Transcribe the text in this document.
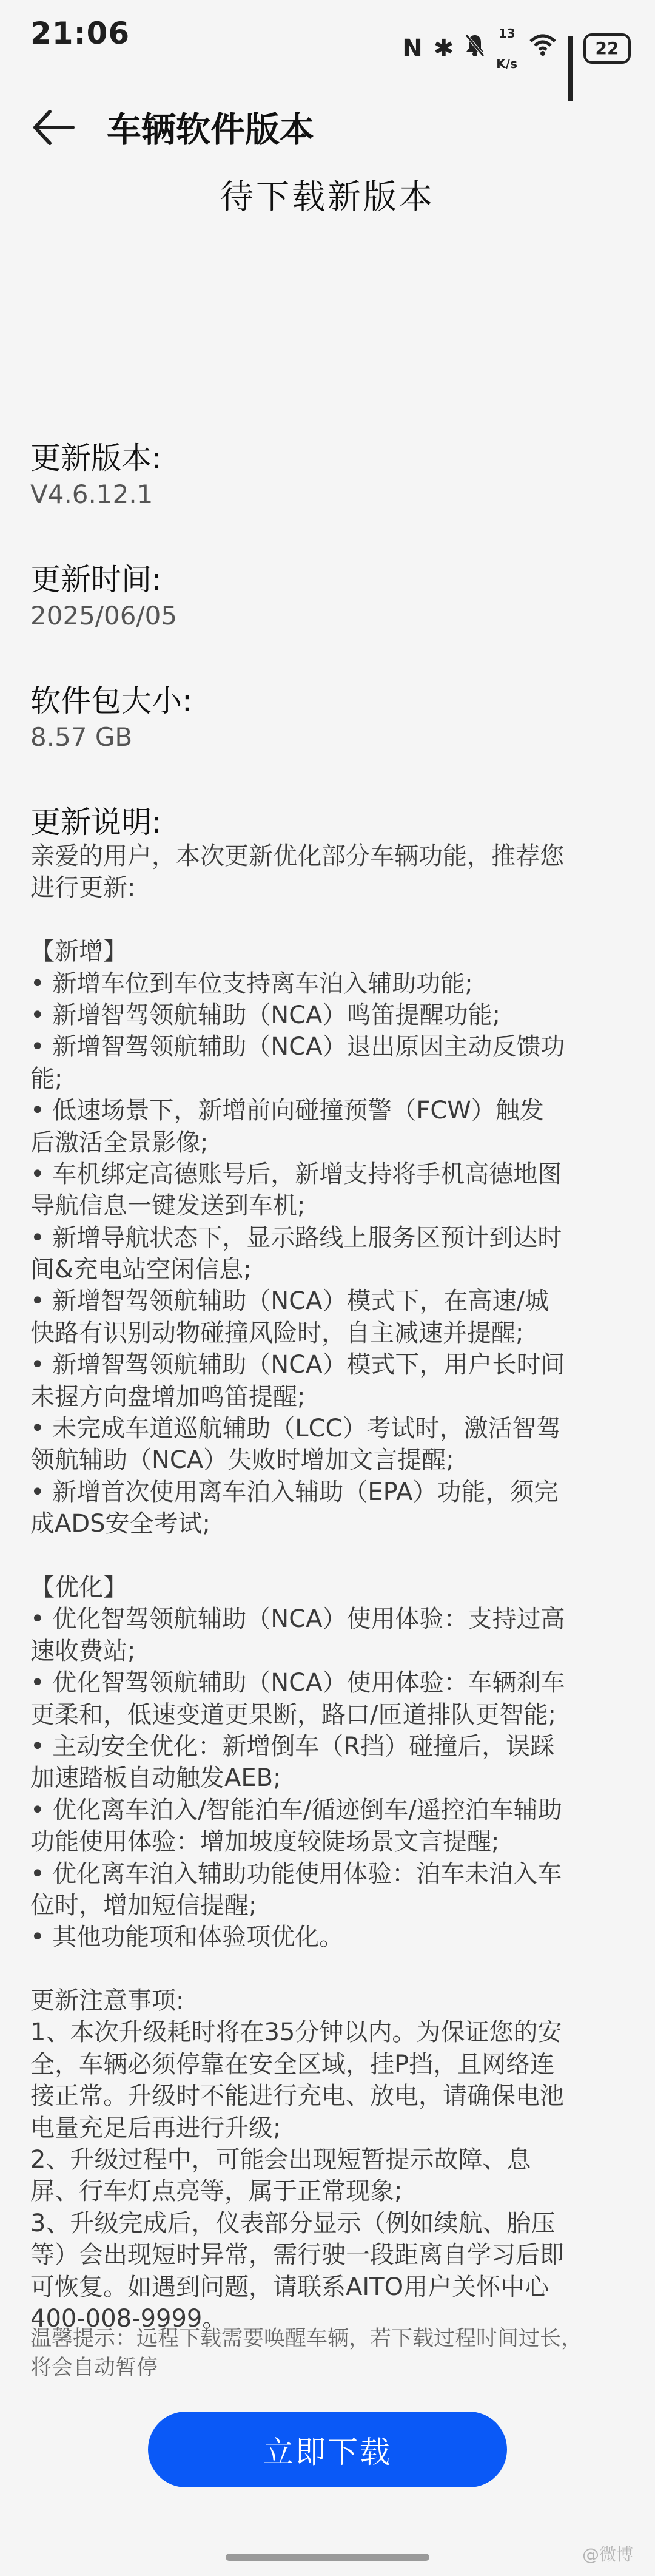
21:06	N ✱
13
K/s
22
车辆软件版本
待下载新版本
更新版本:
V4.6.12.1
更新时间:
2025/06/05
软件包大小:
8.57 GB
更新说明:
亲爱的用户，本次更新优化部分车辆功能，推荐您
进行更新:
【新增】
• 新增车位到车位支持离车泊入辅助功能;
• 新增智驾领航辅助（NCA）鸣笛提醒功能;
• 新增智驾领航辅助（NCA）退出原因主动反馈功
能;
• 低速场景下，新增前向碰撞预警（FCW）触发
后激活全景影像;
• 车机绑定高德账号后，新增支持将手机高德地图
导航信息一键发送到车机;
• 新增导航状态下，显示路线上服务区预计到达时
间&充电站空闲信息;
• 新增智驾领航辅助（NCA）模式下，在高速/城
快路有识别动物碰撞风险时，自主减速并提醒;
• 新增智驾领航辅助（NCA）模式下，用户长时间
未握方向盘增加鸣笛提醒;
• 未完成车道巡航辅助（LCC）考试时，激活智驾
领航辅助（NCA）失败时增加文言提醒;
• 新增首次使用离车泊入辅助（EPA）功能，须完
成ADS安全考试;
【优化】
• 优化智驾领航辅助（NCA）使用体验：支持过高
速收费站;
• 优化智驾领航辅助（NCA）使用体验：车辆刹车
更柔和，低速变道更果断，路口/匝道排队更智能;
• 主动安全优化：新增倒车（R挡）碰撞后，误踩
加速踏板自动触发AEB;
• 优化离车泊入/智能泊车/循迹倒车/遥控泊车辅助
功能使用体验：增加坡度较陡场景文言提醒;
• 优化离车泊入辅助功能使用体验：泊车未泊入车
位时，增加短信提醒;
• 其他功能项和体验项优化。
更新注意事项:
1、本次升级耗时将在35分钟以内。为保证您的安
全，车辆必须停靠在安全区域，挂P挡，且网络连
接正常。升级时不能进行充电、放电，请确保电池
电量充足后再进行升级;
2、升级过程中，可能会出现短暂提示故障、息
屏、行车灯点亮等，属于正常现象;
3、升级完成后，仪表部分显示（例如续航、胎压
等）会出现短时异常，需行驶一段距离自学习后即
可恢复。如遇到问题，请联系AITO用户关怀中心
400-008-9999。
温馨提示：远程下载需要唤醒车辆，若下载过程时间过长，
将会自动暂停
立即下载
@微博
